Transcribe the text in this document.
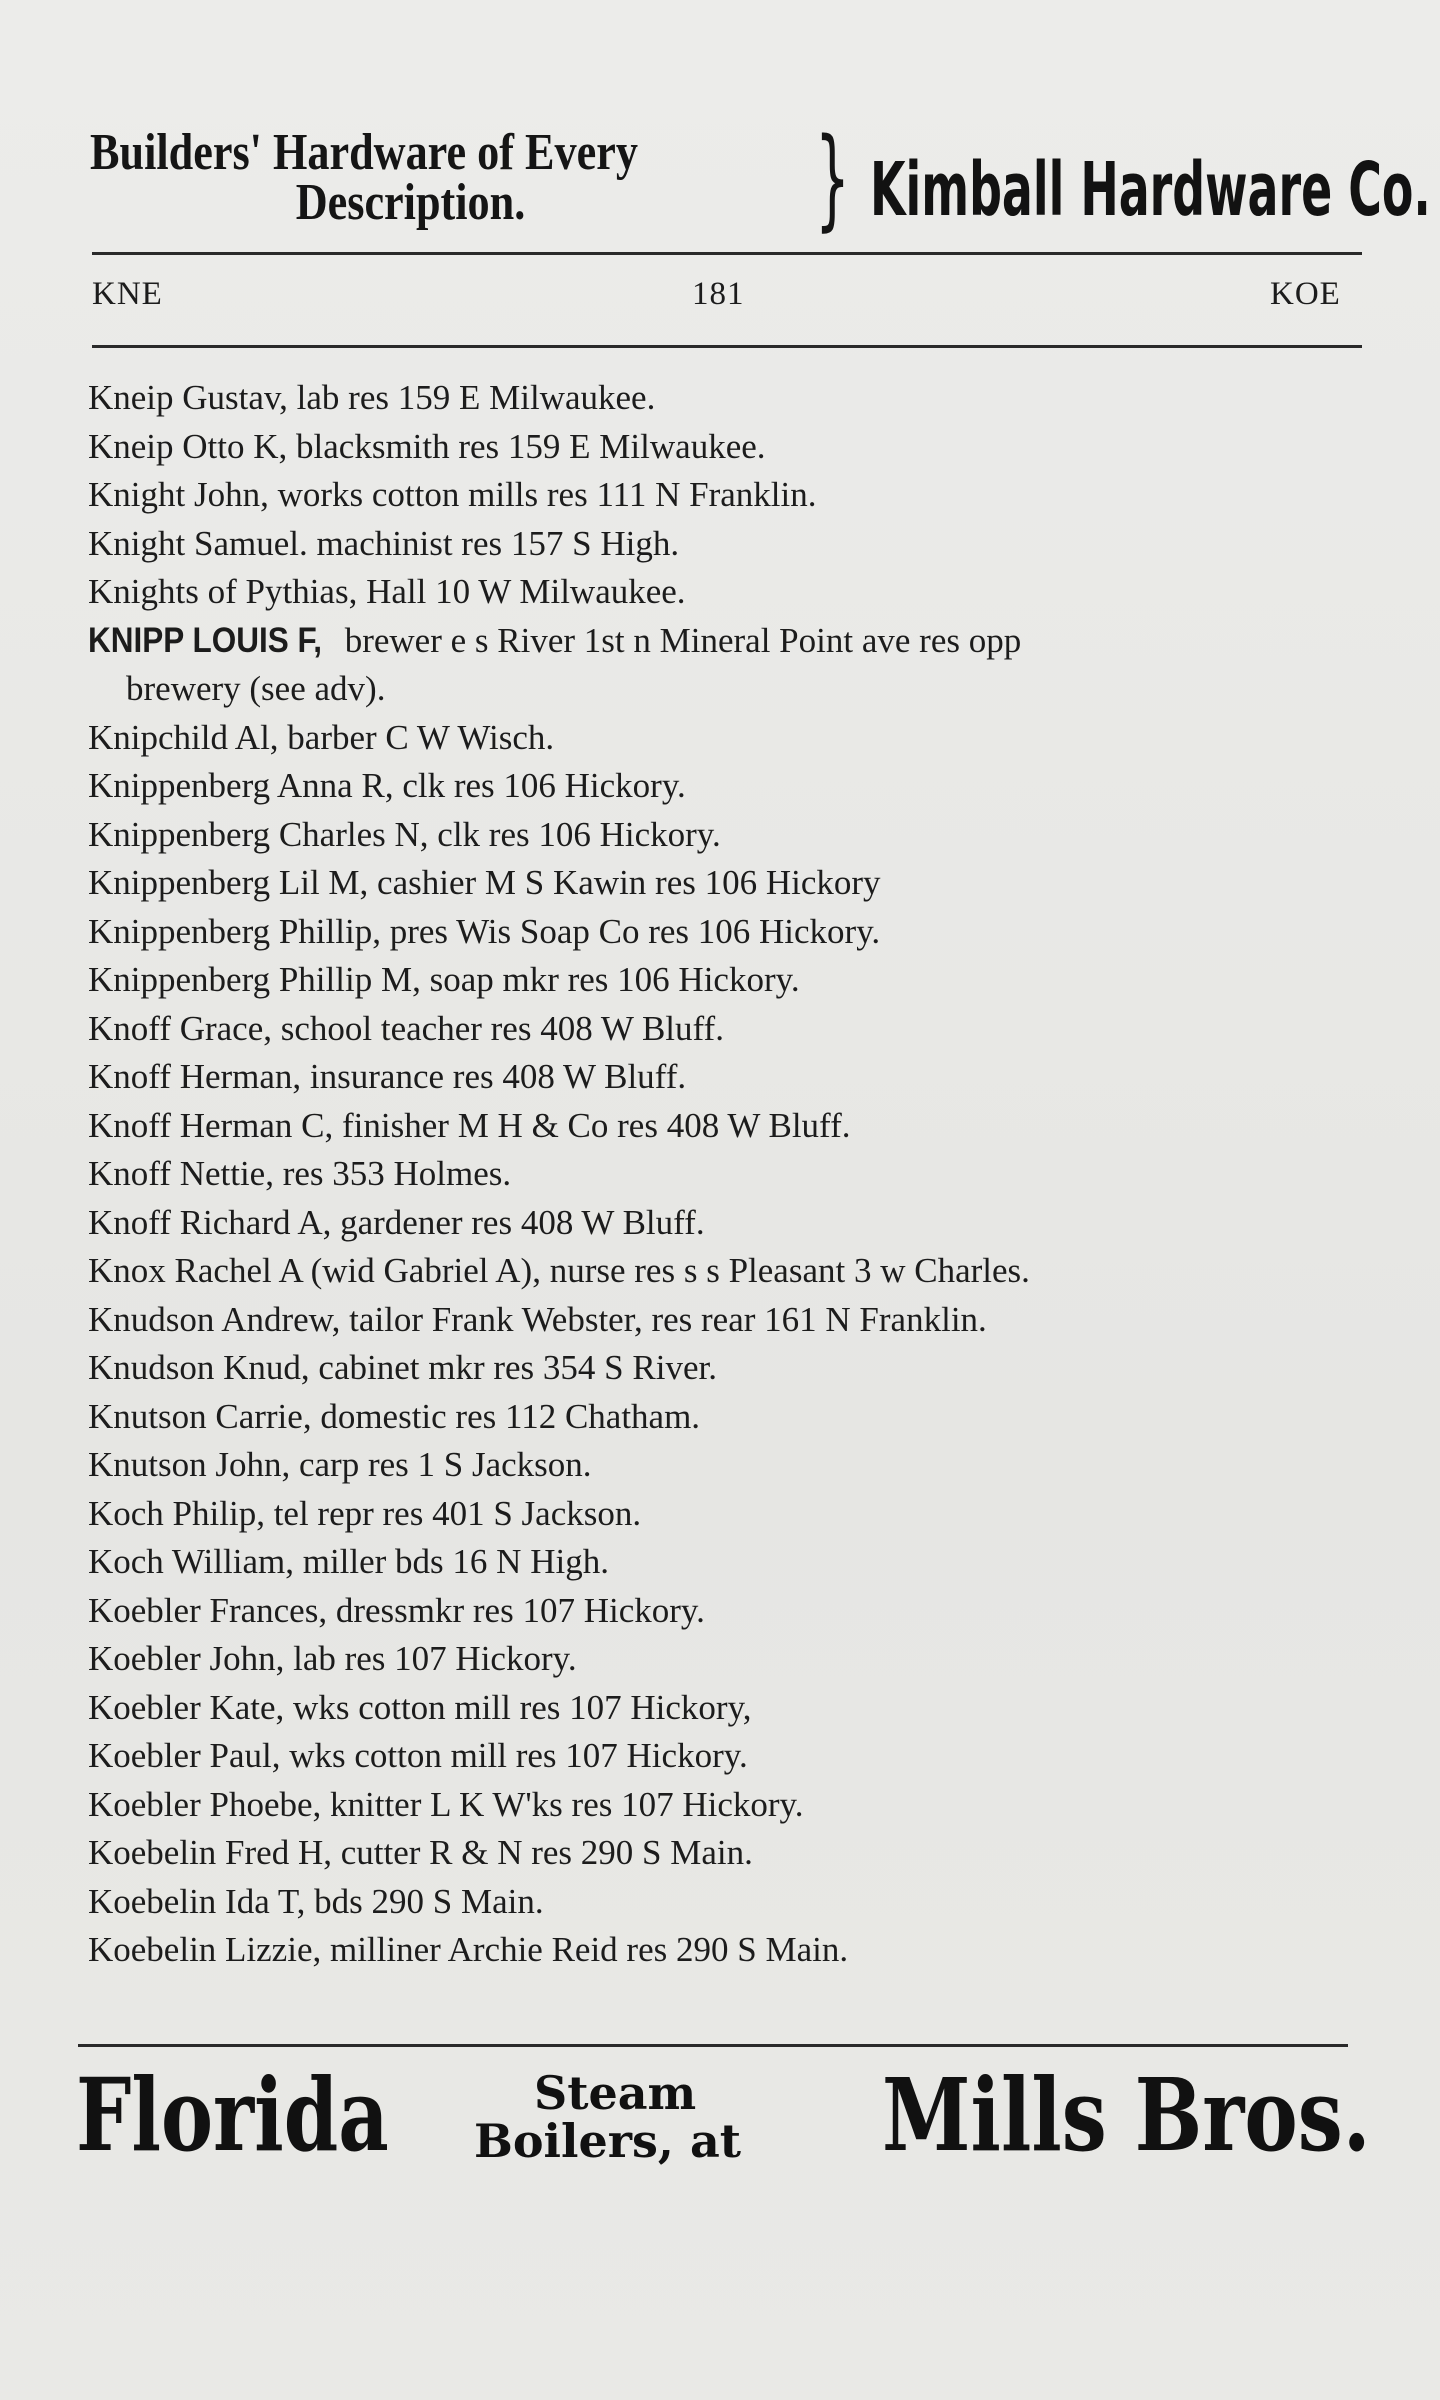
Builders' Hardware of Every
Description.	} Kimball Hardware Co.
KNE	181	KOE
Kneip Gustav, lab res 159 E Milwaukee.
Kneip Otto K, blacksmith res 159 E Milwaukee.
Knight John, works cotton mills res 111 N Franklin.
Knight Samuel. machinist res 157 S High.
Knights of Pythias, Hall 10 W Milwaukee.
KNIPP LOUIS F, brewer e s River 1st n Mineral Point ave res opp
brewery (see adv).
Knipchild Al, barber C W Wisch.
Knippenberg Anna R, clk res 106 Hickory.
Knippenberg Charles N, clk res 106 Hickory.
Knippenberg Lil M, cashier M S Kawin res 106 Hickory
Knippenberg Phillip, pres Wis Soap Co res 106 Hickory.
Knippenberg Phillip M, soap mkr res 106 Hickory.
Knoff Grace, school teacher res 408 W Bluff.
Knoff Herman, insurance res 408 W Bluff.
Knoff Herman C, finisher M H & Co res 408 W Bluff.
Knoff Nettie, res 353 Holmes.
Knoff Richard A, gardener res 408 W Bluff.
Knox Rachel A (wid Gabriel A), nurse res s s Pleasant 3 w Charles.
Knudson Andrew, tailor Frank Webster, res rear 161 N Franklin.
Knudson Knud, cabinet mkr res 354 S River.
Knutson Carrie, domestic res 112 Chatham.
Knutson John, carp res 1 S Jackson.
Koch Philip, tel repr res 401 S Jackson.
Koch William, miller bds 16 N High.
Koebler Frances, dressmkr res 107 Hickory.
Koebler John, lab res 107 Hickory.
Koebler Kate, wks cotton mill res 107 Hickory,
Koebler Paul, wks cotton mill res 107 Hickory.
Koebler Phoebe, knitter L K W'ks res 107 Hickory.
Koebelin Fred H, cutter R & N res 290 S Main.
Koebelin Ida T, bds 290 S Main.
Koebelin Lizzie, milliner Archie Reid res 290 S Main.
Florida	Steam
Boilers, at Mills Bros.
